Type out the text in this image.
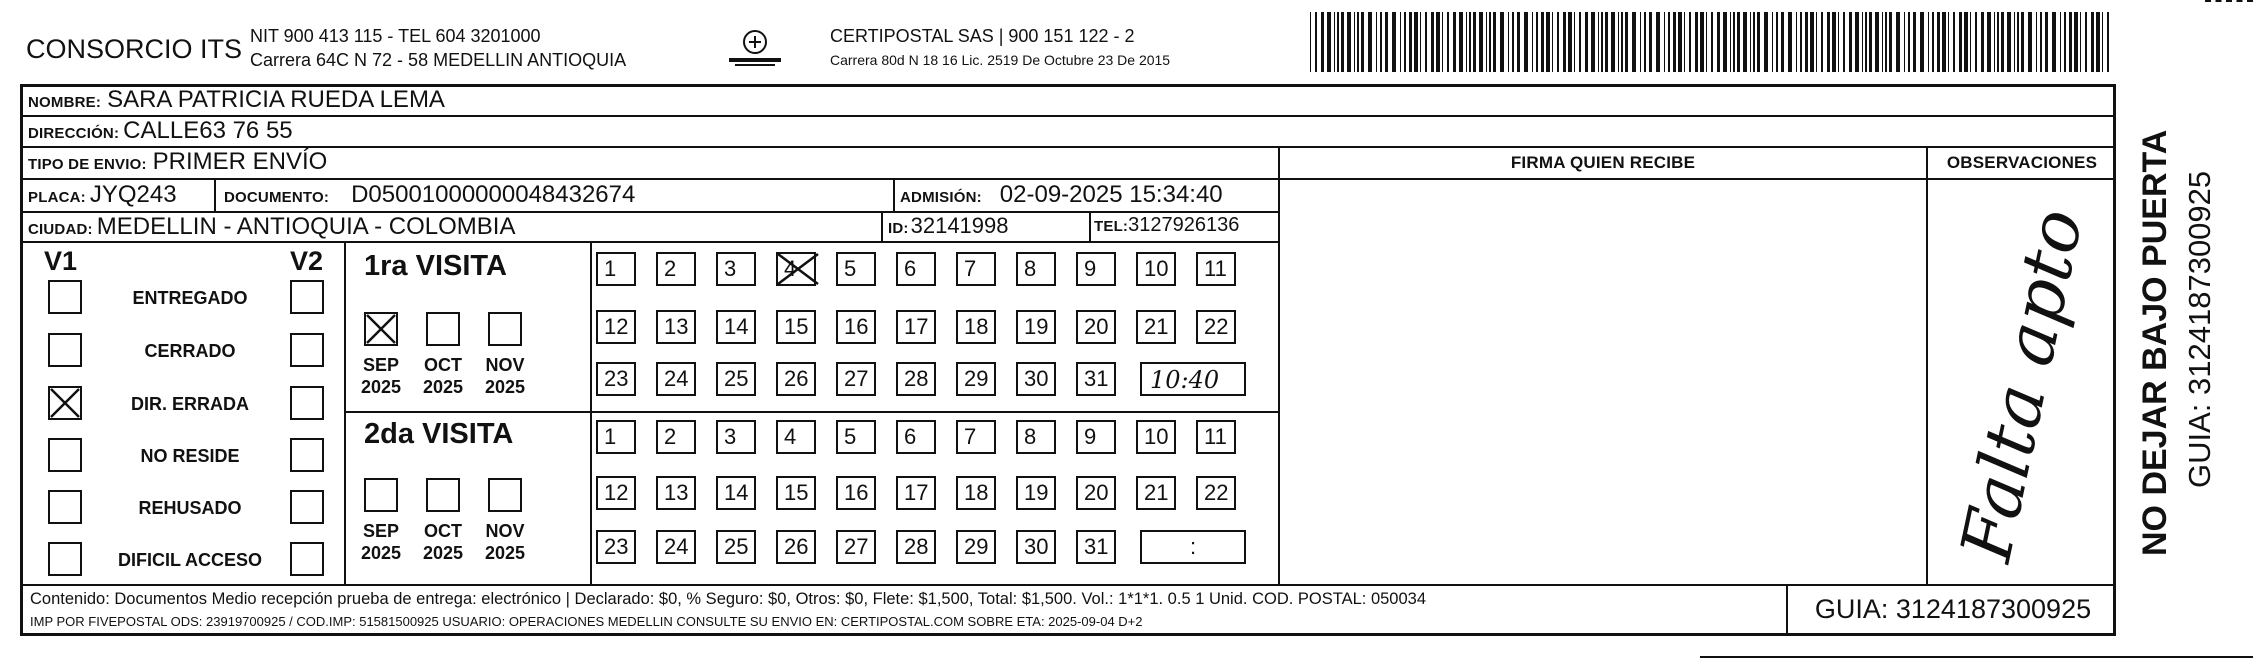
CONSORCIO ITS NIT 900 413 115 - TEL 604 3201000
Carrera 64C N 72 - 58 MEDELLIN ANTIOQUIA
CERTIPOSTAL SAS | 900 151 122 - 2
Carrera 80d N 18 16 Lic. 2519 De Octubre 23 De 2015
NOMBRE: SARA PATRICIA RUEDA LEMA
DIRECCIÓN: CALLE63 76 55
TIPO DE ENVIO: PRIMER ENVÍO	FIRMA QUIEN RECIBE	OBSERVACIONES
PLACA: JYQ243	DOCUMENTO: D05001000000048432674	ADMISIÓN: 02-09-2025 15:34:40
CIUDAD: MEDELLIN - ANTIOQUIA - COLOMBIA	ID: 32141998	TEL: 3127926136
V1	V2
ENTREGADO
CERRADO
DIR. ERRADA
NO RESIDE
REHUSADO
DIFICIL ACCESO
1ra VISITA
SEP
2025
OCT
2025
NOV
2025
1	2	3	4	5	6	7	8	9	10	11
12	13	14	15	16	17	18	19	20	21	22
23	24	25	26	27	28	29	30	31	10:40
2da VISITA
SEP
2025
OCT
2025
NOV
2025
1	2	3	4	5	6	7	8	9	10	11
12	13	14	15	16	17	18	19	20	21	22
23	24	25	26	27	28	29	30	31	:	Falta apto
Contenido: Documentos Medio recepción prueba de entrega: electrónico | Declarado: $0, % Seguro: $0, Otros: $0, Flete: $1,500, Total: $1,500. Vol.: 1*1*1. 0.5 1 Unid. COD. POSTAL: 050034
IMP POR FIVEPOSTAL ODS: 23919700925 / COD.IMP: 51581500925 USUARIO: OPERACIONES MEDELLIN CONSULTE SU ENVIO EN: CERTIPOSTAL.COM SOBRE ETA: 2025-09-04 D+2	GUIA: 3124187300925
NO DEJAR BAJO PUERTA GUIA: 3124187300925
